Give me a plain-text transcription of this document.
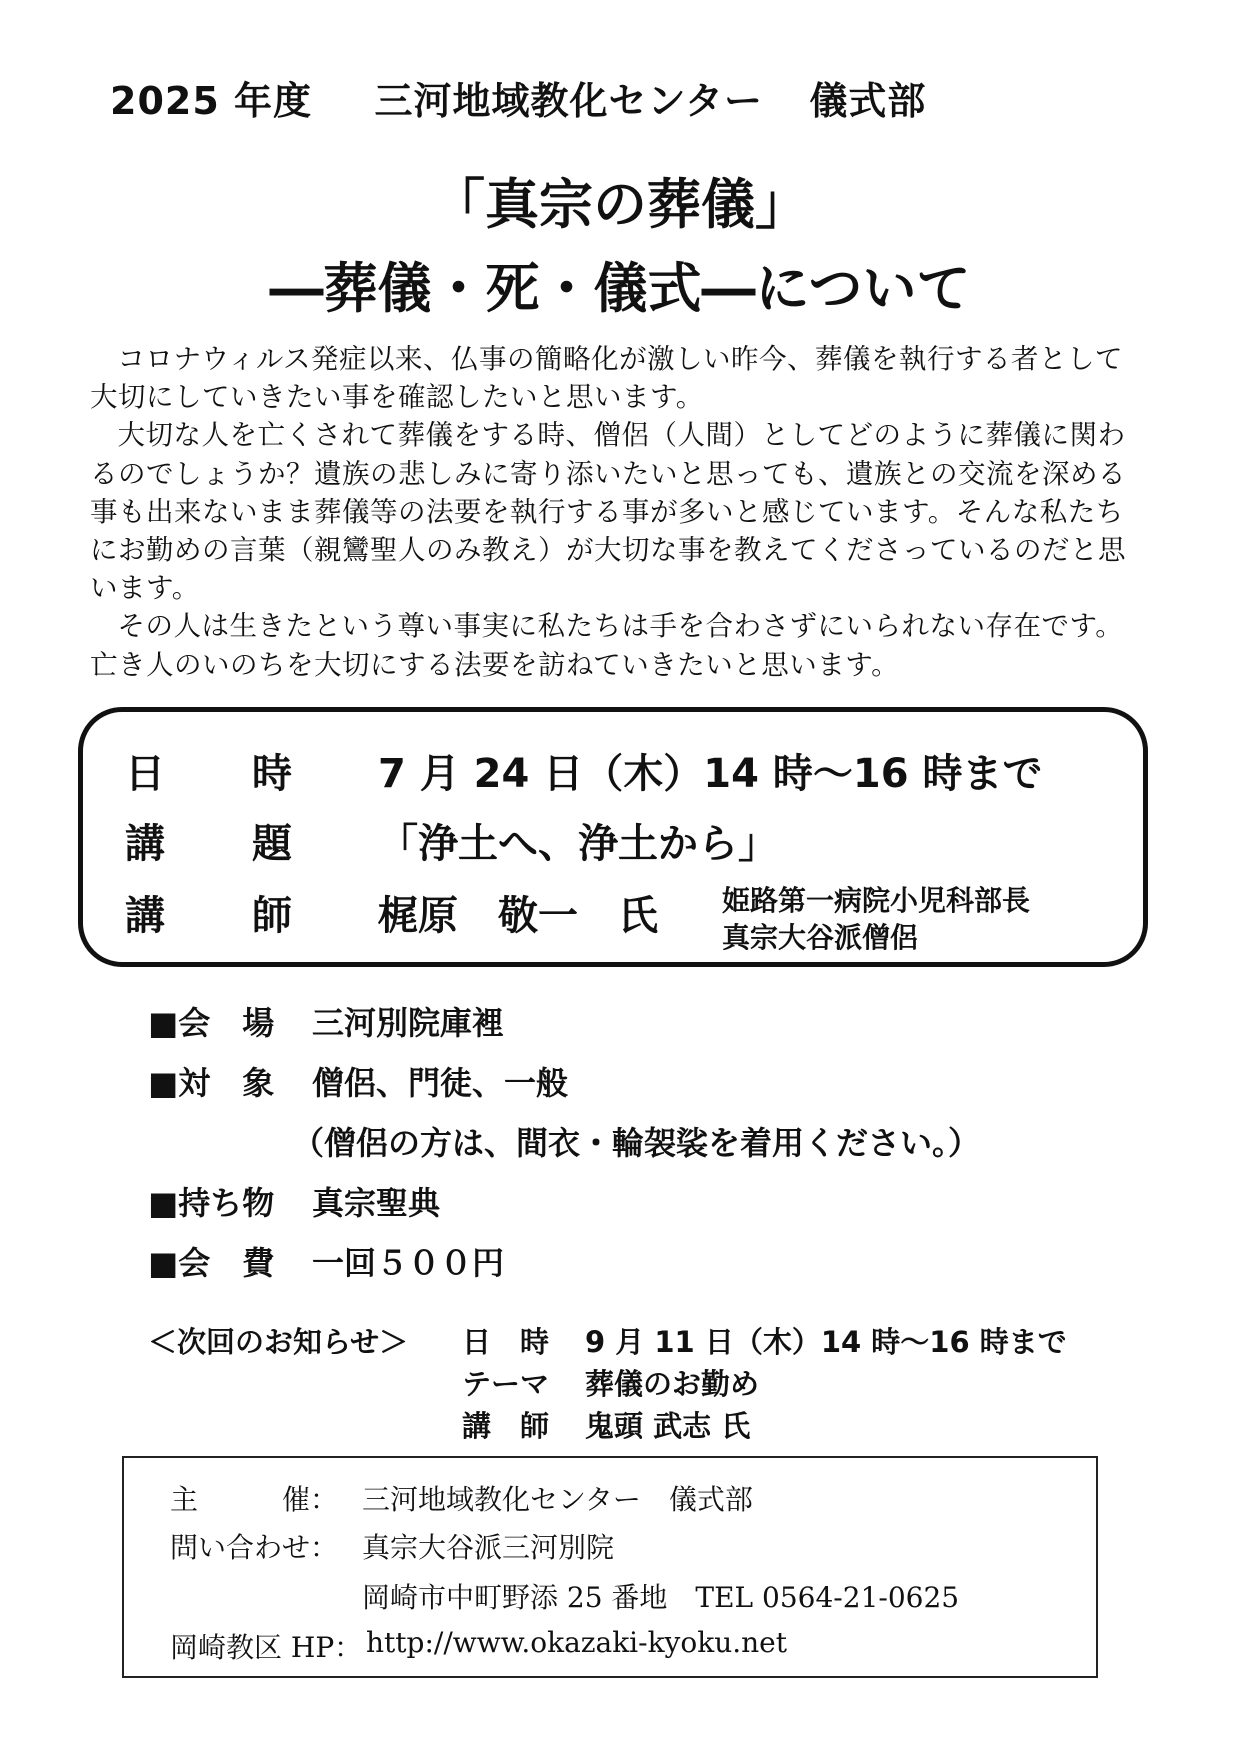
2025 年度 三河地域教化センター 儀式部
「真宗の葬儀」
―葬儀・死・儀式―について

コロナウィルス発症以来、仏事の簡略化が激しい昨今、葬儀を執行する者として大切にしていきたい事を確認したいと思います。

大切な人を亡くされて葬儀をする時、僧侶（人間）としてどのように葬儀に関わるのでしょうか？遺族の悲しみに寄り添いたいと思っても、遺族との交流を深める事も出来ないまま葬儀等の法要を執行する事が多いと感じています。そんな私たちにお勤めの言葉（親鸞聖人のみ教え）が大切な事を教えてくださっているのだと思います。

その人は生きたという尊い事実に私たちは手を合わさずにいられない存在です。亡き人のいのちを大切にする法要を訪ねていきたいと思います。

日 時 7 月 24 日（木）14 時～16 時まで
講 題 「浄土へ、浄土から」
講 師 梶原　敬一　氏 姫路第一病院小児科部長
真宗大谷派僧侶
■会　場 三河別院庫裡
■対　象 僧侶、門徒、一般
（僧侶の方は、間衣・輪袈裟を着用ください。）
■持ち物 真宗聖典
■会　費 一回５００円
＜次回のお知らせ＞ 日　時 9 月 11 日（木）14 時～16 時まで
テーマ 葬儀のお勤め
講　師 鬼頭 武志 氏
主　　　催： 三河地域教化センター　儀式部
問い合わせ： 真宗大谷派三河別院
岡崎市中町野添 25 番地　TEL 0564-21-0625
岡崎教区 HP： http://www.okazaki-kyoku.net
